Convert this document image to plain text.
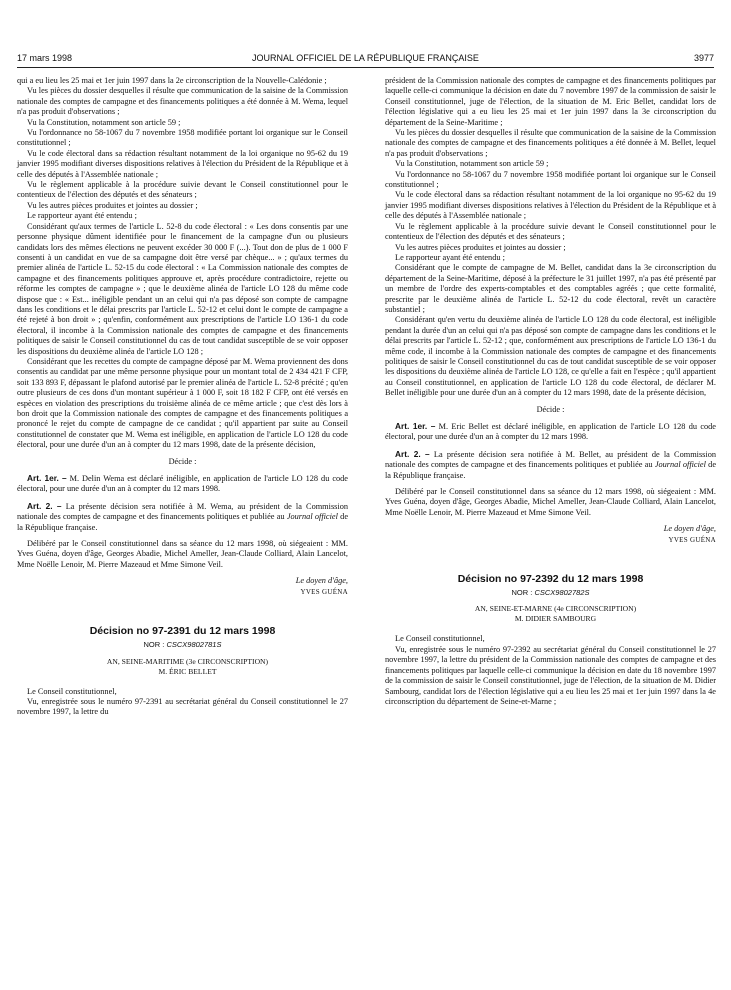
17 mars 1998	JOURNAL OFFICIEL DE LA RÉPUBLIQUE FRANÇAISE	3977

qui a eu lieu les 25 mai et 1er juin 1997 dans la 2e circonscription de la Nouvelle-Calédonie ;

Vu les pièces du dossier desquelles il résulte que communication de la saisine de la Commission nationale des comptes de campagne et des financements politiques a été donnée à M. Wema, lequel n'a pas produit d'observations ;

Vu la Constitution, notamment son article 59 ;

Vu l'ordonnance no 58-1067 du 7 novembre 1958 modifiée portant loi organique sur le Conseil constitutionnel ;

Vu le code électoral dans sa rédaction résultant notamment de la loi organique no 95-62 du 19 janvier 1995 modifiant diverses dispositions relatives à l'élection du Président de la République et à celle des députés à l'Assemblée nationale ;

Vu le règlement applicable à la procédure suivie devant le Conseil constitutionnel pour le contentieux de l'élection des députés et des sénateurs ;

Vu les autres pièces produites et jointes au dossier ;

Le rapporteur ayant été entendu ;

Considérant qu'aux termes de l'article L. 52-8 du code électoral : « Les dons consentis par une personne physique dûment identifiée pour le financement de la campagne d'un ou plusieurs candidats lors des mêmes élections ne peuvent excéder 30 000 F (...). Tout don de plus de 1 000 F consenti à un candidat en vue de sa campagne doit être versé par chèque... » ; qu'aux termes du premier alinéa de l'article L. 52-15 du code électoral : « La Commission nationale des comptes de campagne et des financements politiques approuve et, après procédure contradictoire, rejette ou réforme les comptes de campagne » ; que le deuxième alinéa de l'article LO 128 du même code dispose que : « Est... inéligible pendant un an celui qui n'a pas déposé son compte de campagne dans les conditions et le délai prescrits par l'article L. 52-12 et celui dont le compte de campagne a été rejeté à bon droit » ; qu'enfin, conformément aux prescriptions de l'article LO 136-1 du code électoral, il incombe à la Commission nationale des comptes de campagne et des financements politiques de saisir le Conseil constitutionnel du cas de tout candidat susceptible de se voir opposer les dispositions du deuxième alinéa de l'article LO 128 ;

Considérant que les recettes du compte de campagne déposé par M. Wema proviennent des dons consentis au candidat par une même personne physique pour un montant total de 2 434 421 F CFP, soit 133 893 F, dépassant le plafond autorisé par le premier alinéa de l'article L. 52-8 précité ; qu'en outre plusieurs de ces dons d'un montant supérieur à 1 000 F, soit 18 182 F CFP, ont été versés en espèces en violation des prescriptions du troisième alinéa de ce même article ; que c'est dès lors à bon droit que la Commission nationale des comptes de campagne et des financements politiques a prononcé le rejet du compte de campagne de ce candidat ; qu'il appartient par suite au Conseil constitutionnel de constater que M. Wema est inéligible, en application de l'article LO 128 du code électoral, pour une durée d'un an à compter du 12 mars 1998, date de la présente décision,

Décide :

Art. 1er. – M. Delin Wema est déclaré inéligible, en application de l'article LO 128 du code électoral, pour une durée d'un an à compter du 12 mars 1998.

Art. 2. – La présente décision sera notifiée à M. Wema, au président de la Commission nationale des comptes de campagne et des financements politiques et publiée au Journal officiel de la République française.

Délibéré par le Conseil constitutionnel dans sa séance du 12 mars 1998, où siégeaient : MM. Yves Guéna, doyen d'âge, Georges Abadie, Michel Ameller, Jean-Claude Colliard, Alain Lancelot, Mme Noëlle Lenoir, M. Pierre Mazeaud et Mme Simone Veil.

Le doyen d'âge,

YVES GUÉNA

Décision no 97-2391 du 12 mars 1998
NOR : CSCX9802781S

AN, SEINE-MARITIME (3e CIRCONSCRIPTION)

M. ÉRIC BELLET

Le Conseil constitutionnel,

Vu, enregistrée sous le numéro 97-2391 au secrétariat général du Conseil constitutionnel le 27 novembre 1997, la lettre du

président de la Commission nationale des comptes de campagne et des financements politiques par laquelle celle-ci communique la décision en date du 7 novembre 1997 de la commission de saisir le Conseil constitutionnel, juge de l'élection, de la situation de M. Eric Bellet, candidat lors de l'élection législative qui a eu lieu les 25 mai et 1er juin 1997 dans la 3e circonscription du département de la Seine-Maritime ;

Vu les pièces du dossier desquelles il résulte que communication de la saisine de la Commission nationale des comptes de campagne et des financements politiques a été donnée à M. Bellet, lequel n'a pas produit d'observations ;

Vu la Constitution, notamment son article 59 ;

Vu l'ordonnance no 58-1067 du 7 novembre 1958 modifiée portant loi organique sur le Conseil constitutionnel ;

Vu le code électoral dans sa rédaction résultant notamment de la loi organique no 95-62 du 19 janvier 1995 modifiant diverses dispositions relatives à l'élection du Président de la République et à celle des députés à l'Assemblée nationale ;

Vu le règlement applicable à la procédure suivie devant le Conseil constitutionnel pour le contentieux de l'élection des députés et des sénateurs ;

Vu les autres pièces produites et jointes au dossier ;

Le rapporteur ayant été entendu ;

Considérant que le compte de campagne de M. Bellet, candidat dans la 3e circonscription du département de la Seine-Maritime, déposé à la préfecture le 31 juillet 1997, n'a pas été présenté par un membre de l'ordre des experts-comptables et des comptables agréés ; que cette formalité, prescrite par le deuxième alinéa de l'article L. 52-12 du code électoral, revêt un caractère substantiel ;

Considérant qu'en vertu du deuxième alinéa de l'article LO 128 du code électoral, est inéligible pendant la durée d'un an celui qui n'a pas déposé son compte de campagne dans les conditions et le délai prescrits par l'article L. 52-12 ; que, conformément aux prescriptions de l'article LO 136-1 du même code, il incombe à la Commission nationale des comptes de campagne et des financements politiques de saisir le Conseil constitutionnel du cas de tout candidat susceptible de se voir opposer les dispositions du deuxième alinéa de l'article LO 128, ce qu'elle a fait en l'espèce ; qu'il appartient au Conseil constitutionnel, en application de l'article LO 128 du code électoral, de déclarer M. Bellet inéligible pour une durée d'un an à compter du 12 mars 1998, date de la présente décision,

Décide :

Art. 1er. – M. Eric Bellet est déclaré inéligible, en application de l'article LO 128 du code électoral, pour une durée d'un an à compter du 12 mars 1998.

Art. 2. – La présente décision sera notifiée à M. Bellet, au président de la Commission nationale des comptes de campagne et des financements politiques et publiée au Journal officiel de la République française.

Délibéré par le Conseil constitutionnel dans sa séance du 12 mars 1998, où siégeaient : MM. Yves Guéna, doyen d'âge, Georges Abadie, Michel Ameller, Jean-Claude Colliard, Alain Lancelot, Mme Noëlle Lenoir, M. Pierre Mazeaud et Mme Simone Veil.

Le doyen d'âge,

YVES GUÉNA

Décision no 97-2392 du 12 mars 1998
NOR : CSCX9802782S

AN, SEINE-ET-MARNE (4e CIRCONSCRIPTION)

M. DIDIER SAMBOURG

Le Conseil constitutionnel,

Vu, enregistrée sous le numéro 97-2392 au secrétariat général du Conseil constitutionnel le 27 novembre 1997, la lettre du président de la Commission nationale des comptes de campagne et des financements politiques par laquelle celle-ci communique la décision en date du 18 novembre 1997 de la commission de saisir le Conseil constitutionnel, juge de l'élection, de la situation de M. Didier Sambourg, candidat lors de l'élection législative qui a eu lieu les 25 mai et 1er juin 1997 dans la 4e circonscription du département de Seine-et-Marne ;
